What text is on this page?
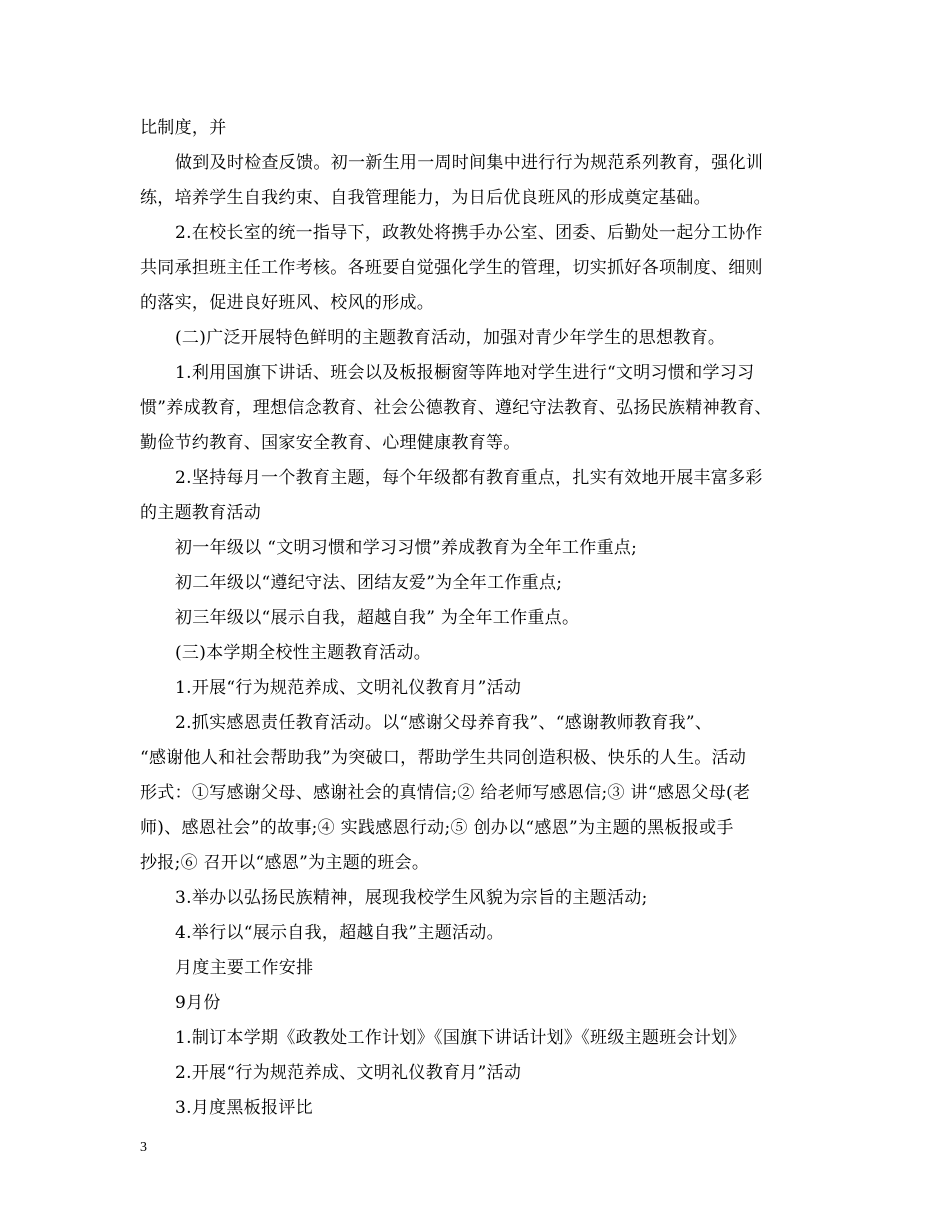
比制度，并
做到及时检查反馈。初一新生用一周时间集中进行行为规范系列教育，强化训
练，培养学生自我约束、自我管理能力，为日后优良班风的形成奠定基础。
2.在校长室的统一指导下，政教处将携手办公室、团委、后勤处一起分工协作
共同承担班主任工作考核。各班要自觉强化学生的管理，切实抓好各项制度、细则
的落实，促进良好班风、校风的形成。
(二)广泛开展特色鲜明的主题教育活动，加强对青少年学生的思想教育。
1.利用国旗下讲话、班会以及板报橱窗等阵地对学生进行“文明习惯和学习习
惯”养成教育，理想信念教育、社会公德教育、遵纪守法教育、弘扬民族精神教育、
勤俭节约教育、国家安全教育、心理健康教育等。
2.坚持每月一个教育主题，每个年级都有教育重点，扎实有效地开展丰富多彩
的主题教育活动
初一年级以 “文明习惯和学习习惯”养成教育为全年工作重点;
初二年级以“遵纪守法、团结友爱”为全年工作重点;
初三年级以“展示自我，超越自我” 为全年工作重点。
(三)本学期全校性主题教育活动。
1.开展“行为规范养成、文明礼仪教育月”活动
2.抓实感恩责任教育活动。以“感谢父母养育我”、“感谢教师教育我”、
“感谢他人和社会帮助我”为突破口，帮助学生共同创造积极、快乐的人生。活动
形式：①写感谢父母、感谢社会的真情信;② 给老师写感恩信;③ 讲“感恩父母(老
师)、感恩社会”的故事;④ 实践感恩行动;⑤ 创办以“感恩”为主题的黑板报或手
抄报;⑥ 召开以“感恩”为主题的班会。
3.举办以弘扬民族精神，展现我校学生风貌为宗旨的主题活动;
4.举行以“展示自我，超越自我”主题活动。
月度主要工作安排
9月份
1.制订本学期《政教处工作计划》《国旗下讲话计划》《班级主题班会计划》
2.开展“行为规范养成、文明礼仪教育月”活动
3.月度黑板报评比
3
